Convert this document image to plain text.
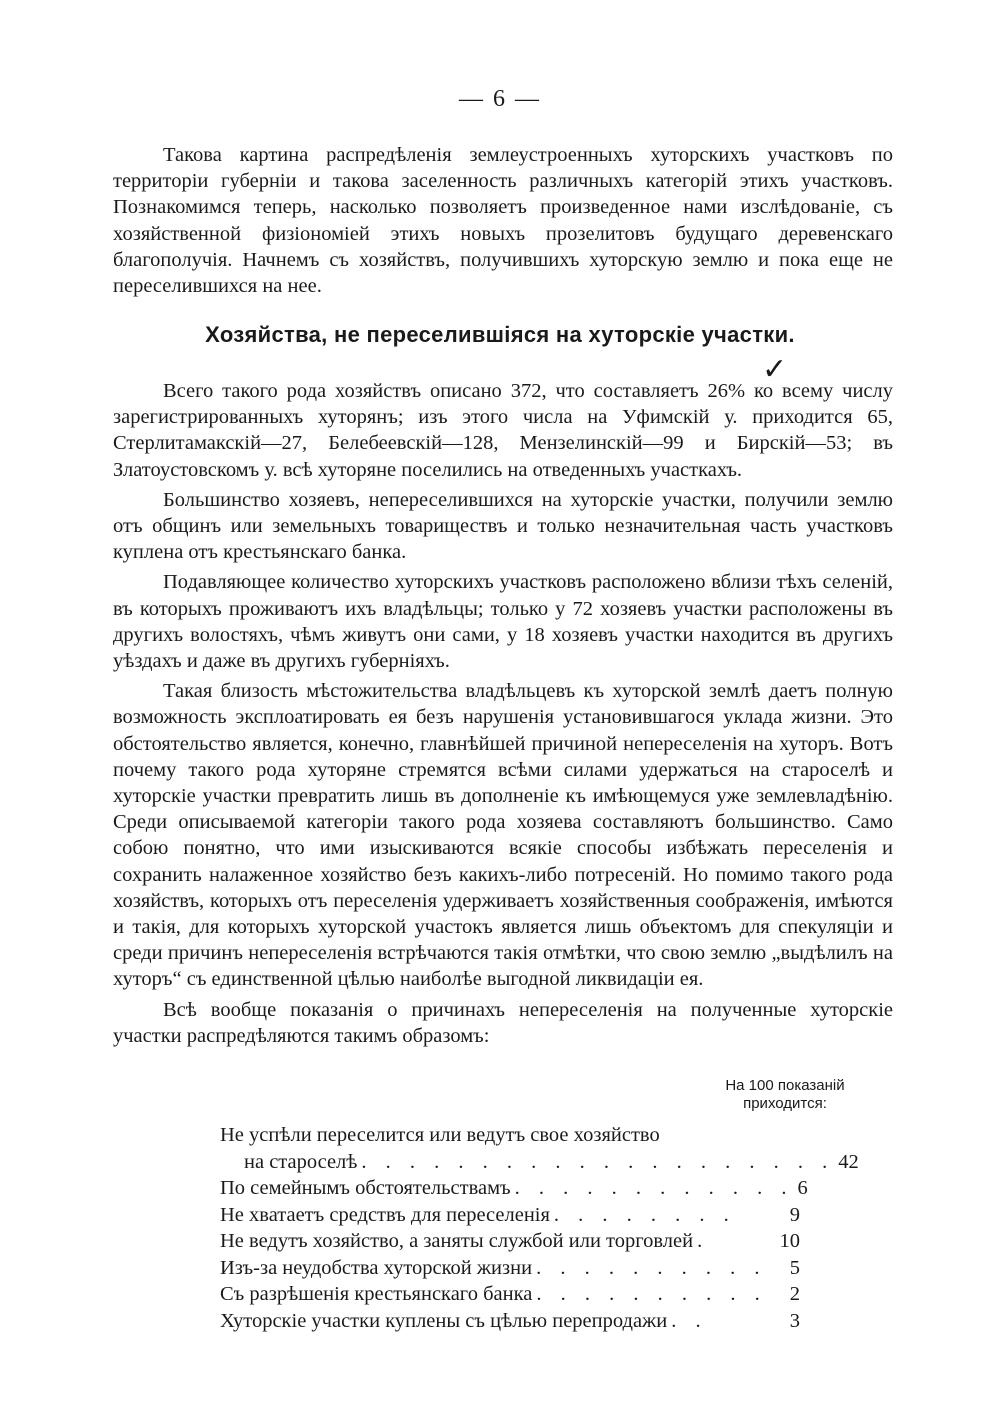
— 6 —

Такова картина распредѣленія землеустроенныхъ хуторскихъ участковъ по территоріи губерніи и такова заселенность различныхъ категорій этихъ участковъ. Познакомимся теперь, насколько позволяетъ произведенное нами изслѣдованіе, съ хозяйственной физіономіей этихъ новыхъ прозелитовъ будущаго деревенскаго благополучія. Начнемъ съ хозяйствъ, получившихъ хуторскую землю и пока еще не переселившихся на нее.

Хозяйства, не переселившіяся на хуторскіе участки.
✓

Всего такого рода хозяйствъ описано 372, что составляетъ 26% ко всему числу зарегистрированныхъ хуторянъ; изъ этого числа на Уфимскій у. приходится 65, Стерлитамакскій—27, Белебеевскій—128, Мензелинскій—99 и Бирскій—53; въ Златоустовскомъ у. всѣ хуторяне поселились на отведенныхъ участкахъ.

Большинство хозяевъ, непереселившихся на хуторскіе участки, получили землю отъ общинъ или земельныхъ товариществъ и только незначительная часть участковъ куплена отъ крестьянскаго банка.

Подавляющее количество хуторскихъ участковъ расположено вблизи тѣхъ селеній, въ которыхъ проживаютъ ихъ владѣльцы; только у 72 хозяевъ участки расположены въ другихъ волостяхъ, чѣмъ живутъ они сами, у 18 хозяевъ участки находится въ другихъ уѣздахъ и даже въ другихъ губерніяхъ.

Такая близость мѣстожительства владѣльцевъ къ хуторской землѣ даетъ полную возможность эксплоатировать ея безъ нарушенія установившагося уклада жизни. Это обстоятельство является, конечно, главнѣйшей причиной непереселенія на хуторъ. Вотъ почему такого рода хуторяне стремятся всѣми силами удержаться на староселѣ и хуторскіе участки превратить лишь въ дополненіе къ имѣющемуся уже землевладѣнію. Среди описываемой категоріи такого рода хозяева составляютъ большинство. Само собою понятно, что ими изыскиваются всякіе способы избѣжать переселенія и сохранить налаженное хозяйство безъ какихъ-либо потресеній. Но помимо такого рода хозяйствъ, которыхъ отъ переселенія удерживаетъ хозяйственныя соображенія, имѣются и такія, для которыхъ хуторской участокъ является лишь объектомъ для спекуляціи и среди причинъ непереселенія встрѣчаются такія отмѣтки, что свою землю „выдѣлилъ на хуторъ“ съ единственной цѣлью наиболѣе выгодной ликвидаціи ея.

Всѣ вообще показанія о причинахъ непереселенія на полученные хуторскіе участки распредѣляются такимъ образомъ:

На 100 показаній
приходится:
Не успѣли переселится или ведутъ свое хозяйство
на староселѣ . . . . . . . . . . . . . . . . . . . . 42
По семейнымъ обстоятельствамъ . . . . . . . . . . . . 6
Не хватаетъ средствъ для переселенія . . . . . . . .	9
Не ведутъ хозяйство, а заняты службой или торговлей .	10
Изъ-за неудобства хуторской жизни . . . . . . . . . .	5
Съ разрѣшенія крестьянскаго банка . . . . . . . . . .	2
Хуторскіе участки куплены съ цѣлью перепродажи . .	3
